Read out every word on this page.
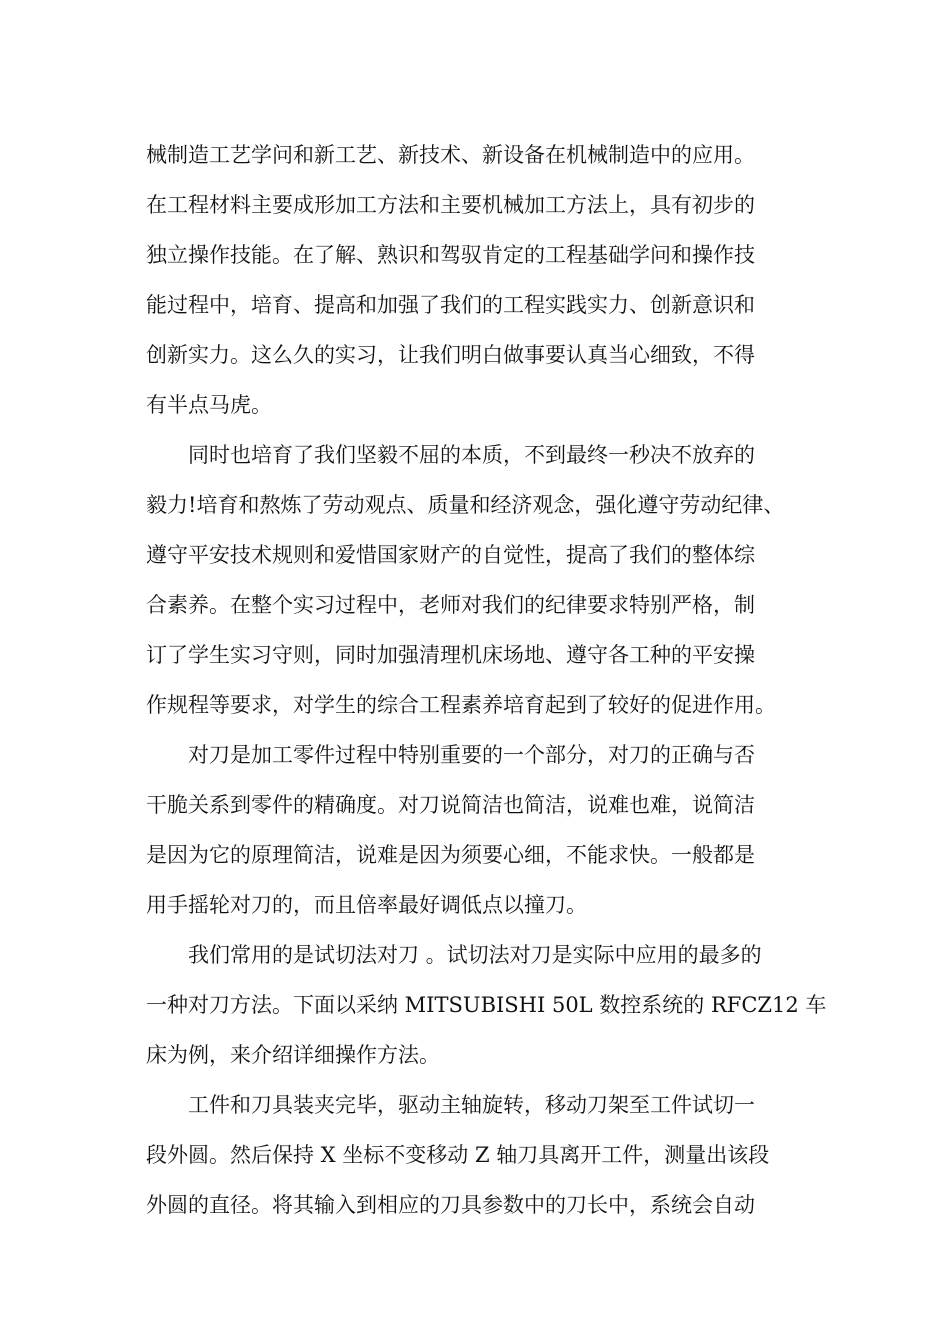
械制造工艺学问和新工艺、新技术、新设备在机械制造中的应用。
在工程材料主要成形加工方法和主要机械加工方法上，具有初步的
独立操作技能。在了解、熟识和驾驭肯定的工程基础学问和操作技
能过程中，培育、提高和加强了我们的工程实践实力、创新意识和
创新实力。这么久的实习，让我们明白做事要认真当心细致，不得
有半点马虎。
同时也培育了我们坚毅不屈的本质，不到最终一秒决不放弃的
毅力!培育和熬炼了劳动观点、质量和经济观念，强化遵守劳动纪律、
遵守平安技术规则和爱惜国家财产的自觉性，提高了我们的整体综
合素养。在整个实习过程中，老师对我们的纪律要求特别严格，制
订了学生实习守则，同时加强清理机床场地、遵守各工种的平安操
作规程等要求，对学生的综合工程素养培育起到了较好的促进作用。
对刀是加工零件过程中特别重要的一个部分，对刀的正确与否
干脆关系到零件的精确度。对刀说简洁也简洁，说难也难，说简洁
是因为它的原理简洁，说难是因为须要心细，不能求快。一般都是
用手摇轮对刀的，而且倍率最好调低点以撞刀。
我们常用的是试切法对刀 。试切法对刀是实际中应用的最多的
一种对刀方法。下面以采纳 MITSUBISHI 50L 数控系统的 RFCZ12 车
床为例，来介绍详细操作方法。
工件和刀具装夹完毕，驱动主轴旋转，移动刀架至工件试切一
段外圆。然后保持 X 坐标不变移动 Z 轴刀具离开工件，测量出该段
外圆的直径。将其输入到相应的刀具参数中的刀长中，系统会自动
